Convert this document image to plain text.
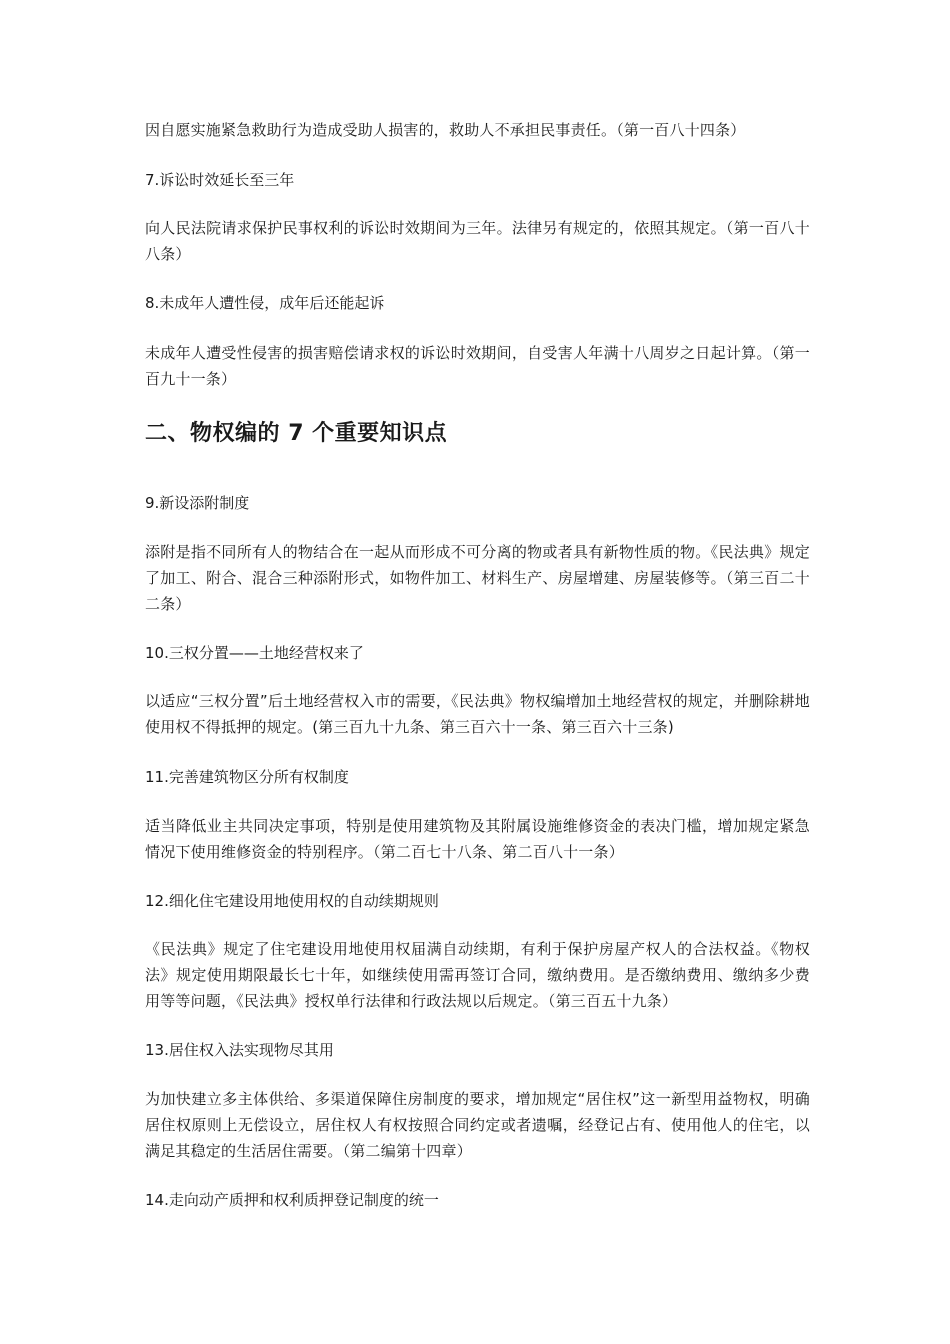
因自愿实施紧急救助行为造成受助人损害的，救助人不承担民事责任。（第一百八十四条）

7.诉讼时效延长至三年

向人民法院请求保护民事权利的诉讼时效期间为三年。法律另有规定的，依照其规定。（第一百八十八条）

8.未成年人遭性侵，成年后还能起诉

未成年人遭受性侵害的损害赔偿请求权的诉讼时效期间，自受害人年满十八周岁之日起计算。（第一百九十一条）

二、物权编的 7 个重要知识点

9.新设添附制度

添附是指不同所有人的物结合在一起从而形成不可分离的物或者具有新物性质的物。《民法典》规定了加工、附合、混合三种添附形式，如物件加工、材料生产、房屋增建、房屋装修等。（第三百二十二条）

10.三权分置——土地经营权来了

以适应“三权分置”后土地经营权入市的需要，《民法典》物权编增加土地经营权的规定，并删除耕地使用权不得抵押的规定。(第三百九十九条、第三百六十一条、第三百六十三条)

11.完善建筑物区分所有权制度

适当降低业主共同决定事项，特别是使用建筑物及其附属设施维修资金的表决门槛，增加规定紧急情况下使用维修资金的特别程序。（第二百七十八条、第二百八十一条）

12.细化住宅建设用地使用权的自动续期规则

《民法典》规定了住宅建设用地使用权届满自动续期，有利于保护房屋产权人的合法权益。《物权法》规定使用期限最长七十年，如继续使用需再签订合同，缴纳费用。是否缴纳费用、缴纳多少费用等等问题，《民法典》授权单行法律和行政法规以后规定。（第三百五十九条）

13.居住权入法实现物尽其用

为加快建立多主体供给、多渠道保障住房制度的要求，增加规定“居住权”这一新型用益物权，明确居住权原则上无偿设立，居住权人有权按照合同约定或者遗嘱，经登记占有、使用他人的住宅，以满足其稳定的生活居住需要。（第二编第十四章）

14.走向动产质押和权利质押登记制度的统一
